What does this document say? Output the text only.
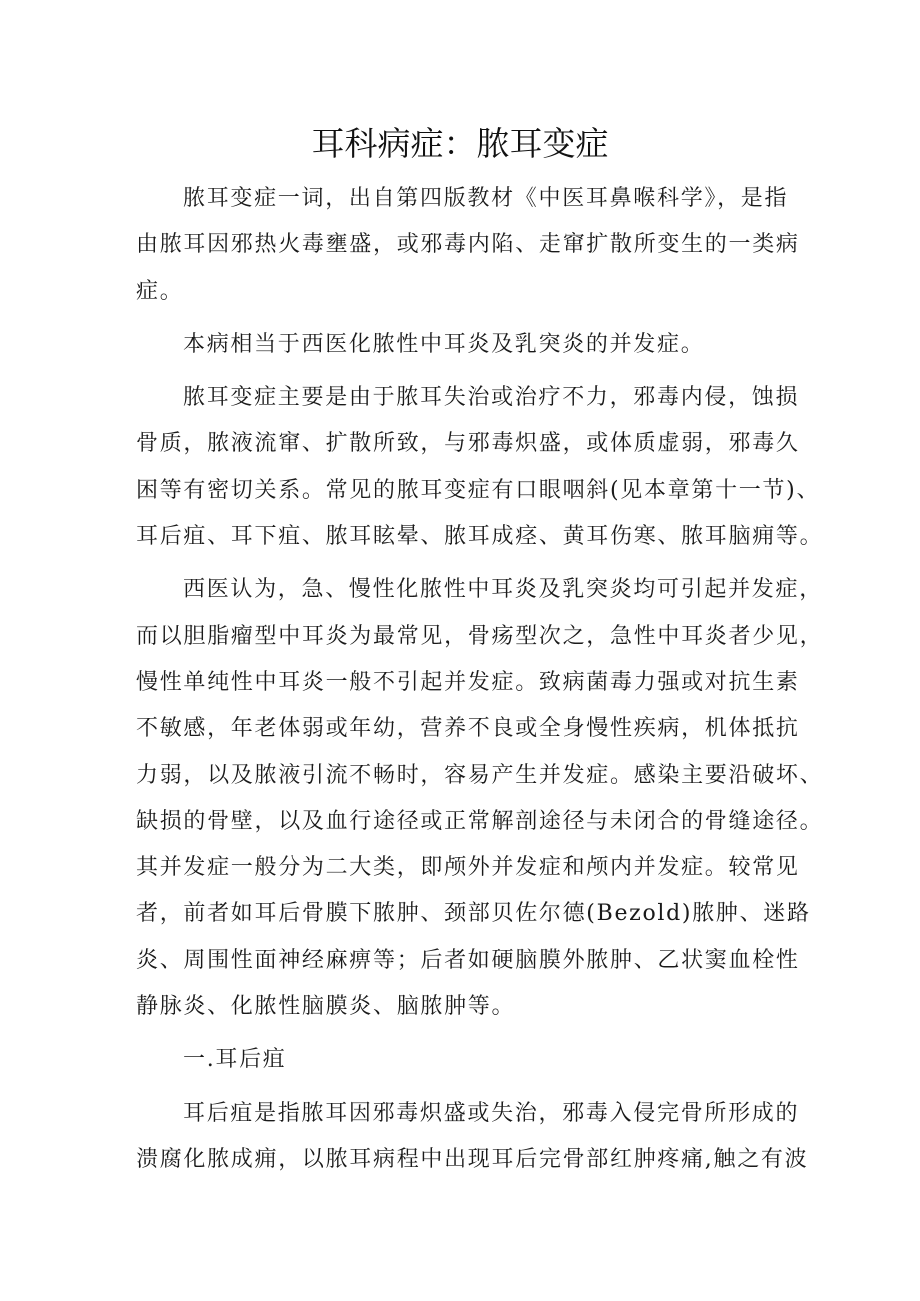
耳科病症：脓耳变症
脓耳变症一词，出自第四版教材《中医耳鼻喉科学》，是指
由脓耳因邪热火毒壅盛，或邪毒内陷、走窜扩散所变生的一类病
症。
本病相当于西医化脓性中耳炎及乳突炎的并发症。
脓耳变症主要是由于脓耳失治或治疗不力，邪毒内侵，蚀损
骨质，脓液流窜、扩散所致，与邪毒炽盛，或体质虚弱，邪毒久
困等有密切关系。常见的脓耳变症有口眼咽斜(见本章第十一节)、
耳后疽、耳下疽、脓耳眩晕、脓耳成痉、黄耳伤寒、脓耳脑痈等。
西医认为，急、慢性化脓性中耳炎及乳突炎均可引起并发症，
而以胆脂瘤型中耳炎为最常见，骨疡型次之，急性中耳炎者少见，
慢性单纯性中耳炎一般不引起并发症。致病菌毒力强或对抗生素
不敏感，年老体弱或年幼，营养不良或全身慢性疾病，机体抵抗
力弱，以及脓液引流不畅时，容易产生并发症。感染主要沿破坏、
缺损的骨壁，以及血行途径或正常解剖途径与未闭合的骨缝途径。
其并发症一般分为二大类，即颅外并发症和颅内并发症。较常见
者，前者如耳后骨膜下脓肿、颈部贝佐尔德(Bezold)脓肿、迷路
炎、周围性面神经麻痹等；后者如硬脑膜外脓肿、乙状窦血栓性
静脉炎、化脓性脑膜炎、脑脓肿等。
一.耳后疽
耳后疽是指脓耳因邪毒炽盛或失治，邪毒入侵完骨所形成的
溃腐化脓成痈，以脓耳病程中出现耳后完骨部红肿疼痛,触之有波
